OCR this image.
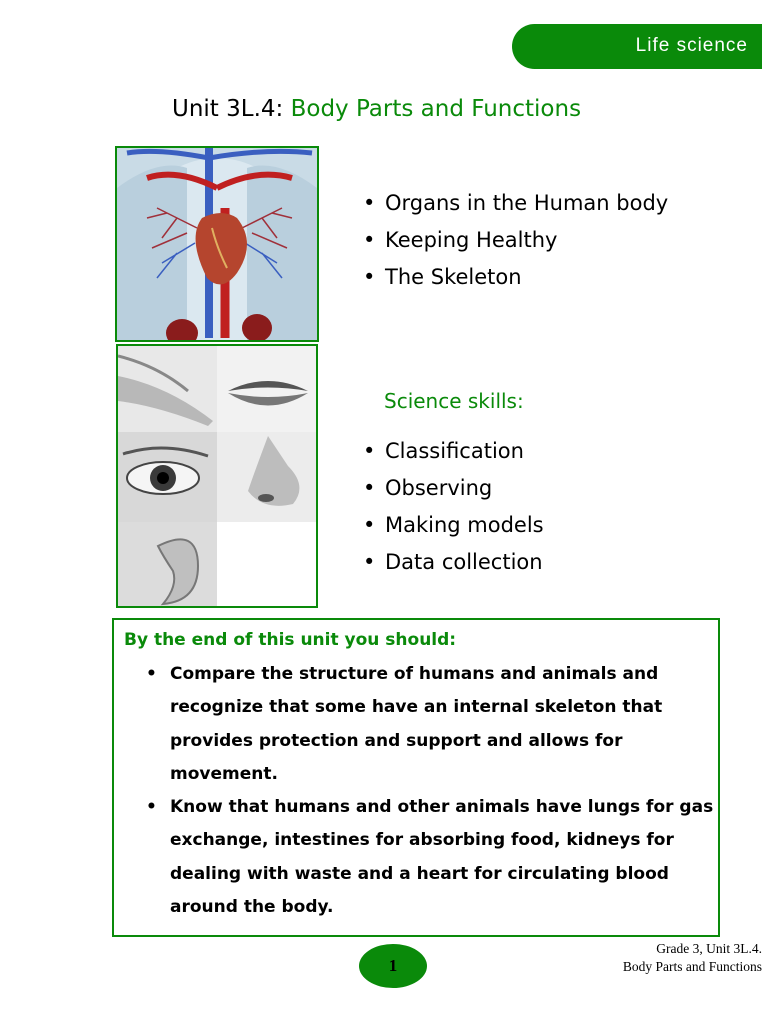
Life science
Unit 3L.4: Body Parts and Functions
• Organs in the Human body
• Keeping Healthy
• The Skeleton
Science skills:
• Classification
• Observing
• Making models
• Data collection
By the end of this unit you should:
• Compare the structure of humans and animals and recognize that some have an internal skeleton that provides protection and support and allows for movement.
• Know that humans and other animals have lungs for gas exchange, intestines for absorbing food, kidneys for dealing with waste and a heart for circulating blood around the body.
1
Grade 3, Unit 3L.4.
Body Parts and Functions
